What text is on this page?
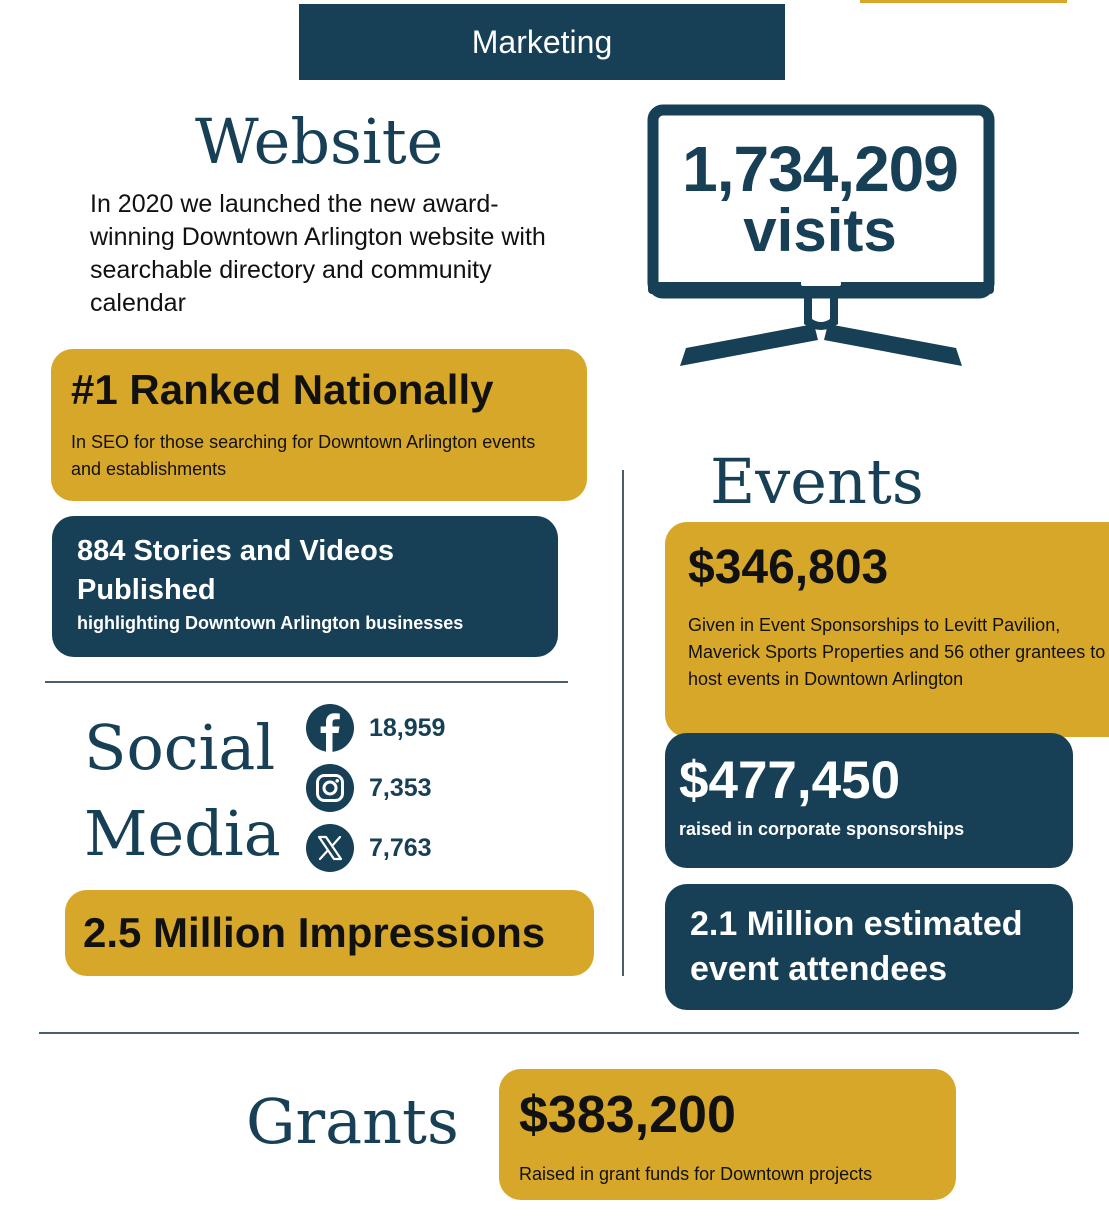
Marketing
Website
In 2020 we launched the new award-winning Downtown Arlington website with searchable directory and community calendar
1,734,209
visits
#1 Ranked Nationally
In SEO for those searching for Downtown Arlington events and establishments
884 Stories and Videos Published
highlighting Downtown Arlington businesses
Social
Media
18,959
7,353
7,763
2.5 Million Impressions
Events
$346,803
Given in Event Sponsorships to Levitt Pavilion, Maverick Sports Properties and 56 other grantees to host events in Downtown Arlington
$477,450
raised in corporate sponsorships
2.1 Million estimated event attendees
Grants $383,200
Raised in grant funds for Downtown projects
